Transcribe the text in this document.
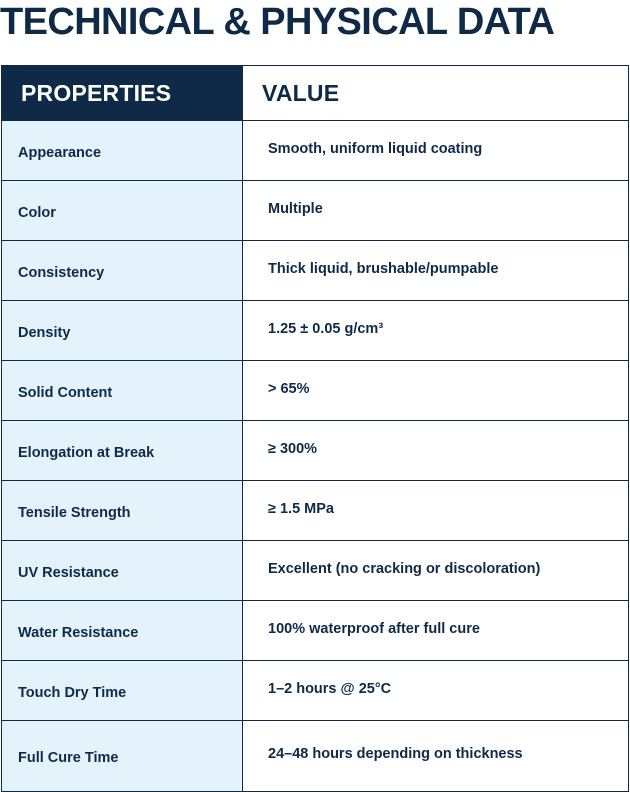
TECHNICAL & PHYSICAL DATA
PROPERTIES	VALUE
Appearance	Smooth, uniform liquid coating
Color	Multiple
Consistency	Thick liquid, brushable/pumpable
Density	1.25 ± 0.05 g/cm³
Solid Content	> 65%
Elongation at Break	≥ 300%
Tensile Strength	≥ 1.5 MPa
UV Resistance	Excellent (no cracking or discoloration)
Water Resistance	100% waterproof after full cure
Touch Dry Time	1–2 hours @ 25°C
Full Cure Time	24–48 hours depending on thickness
